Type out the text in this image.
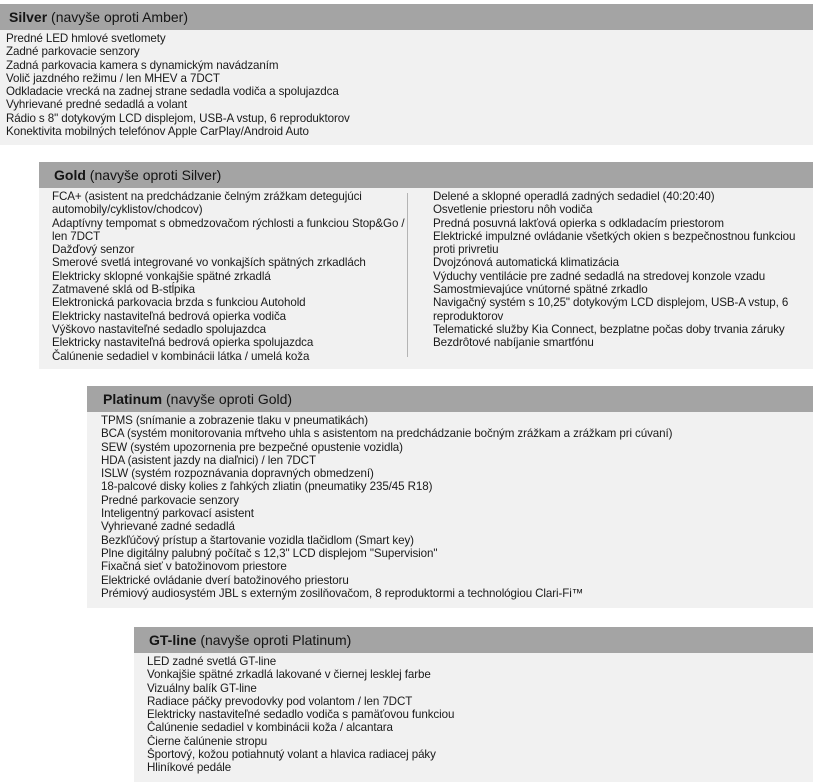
Silver (navyše oproti Amber)
Predné LED hmlové svetlomety
Zadné parkovacie senzory
Zadná parkovacia kamera s dynamickým navádzaním
Volič jazdného režimu / len MHEV a 7DCT
Odkladacie vrecká na zadnej strane sedadla vodiča a spolujazdca
Vyhrievané predné sedadlá a volant
Rádio s 8" dotykovým LCD displejom, USB-A vstup, 6 reproduktorov
Konektivita mobilných telefónov Apple CarPlay/Android Auto
Gold (navyše oproti Silver)
FCA+ (asistent na predchádzanie čelným zrážkam detegujúci automobily/cyklistov/chodcov)
Adaptívny tempomat s obmedzovačom rýchlosti a funkciou Stop&Go / len 7DCT
Dažďový senzor
Smerové svetlá integrované vo vonkajších spätných zrkadlách
Elektricky sklopné vonkajšie spätné zrkadlá
Zatmavené sklá od B-stĺpika
Elektronická parkovacia brzda s funkciou Autohold
Elektricky nastaviteľná bedrová opierka vodiča
Výškovo nastaviteľné sedadlo spolujazdca
Elektricky nastaviteľná bedrová opierka spolujazdca
Čalúnenie sedadiel v kombinácii látka / umelá koža
Delené a sklopné operadlá zadných sedadiel (40:20:40)
Osvetlenie priestoru nôh vodiča
Predná posuvná lakťová opierka s odkladacím priestorom
Elektrické impulzné ovládanie všetkých okien s bezpečnostnou funkciou proti privretiu
Dvojzónová automatická klimatizácia
Výduchy ventilácie pre zadné sedadlá na stredovej konzole vzadu
Samostmievajúce vnútorné spätné zrkadlo
Navigačný systém s 10,25" dotykovým LCD displejom, USB-A vstup, 6 reproduktorov
Telematické služby Kia Connect, bezplatne počas doby trvania záruky
Bezdrôtové nabíjanie smartfónu
Platinum (navyše oproti Gold)
TPMS (snímanie a zobrazenie tlaku v pneumatikách)
BCA (systém monitorovania mŕtveho uhla s asistentom na predchádzanie bočným zrážkam a zrážkam pri cúvaní)
SEW (systém upozornenia pre bezpečné opustenie vozidla)
HDA (asistent jazdy na diaľnici) / len 7DCT
ISLW (systém rozpoznávania dopravných obmedzení)
18-palcové disky kolies z ľahkých zliatin (pneumatiky 235/45 R18)
Predné parkovacie senzory
Inteligentný parkovací asistent
Vyhrievané zadné sedadlá
Bezkľúčový prístup a štartovanie vozidla tlačidlom (Smart key)
Plne digitálny palubný počítač s 12,3" LCD displejom "Supervision"
Fixačná sieť v batožinovom priestore
Elektrické ovládanie dverí batožinového priestoru
Prémiový audiosystém JBL s externým zosilňovačom, 8 reproduktormi a technológiou Clari-Fi™
GT-line (navyše oproti Platinum)
LED zadné svetlá GT-line
Vonkajšie spätné zrkadlá lakované v čiernej lesklej farbe
Vizuálny balík GT-line
Radiace páčky prevodovky pod volantom / len 7DCT
Elektricky nastaviteľné sedadlo vodiča s pamäťovou funkciou
Čalúnenie sedadiel v kombinácii koža / alcantara
Čierne čalúnenie stropu
Športový, kožou potiahnutý volant a hlavica radiacej páky
Hliníkové pedále
